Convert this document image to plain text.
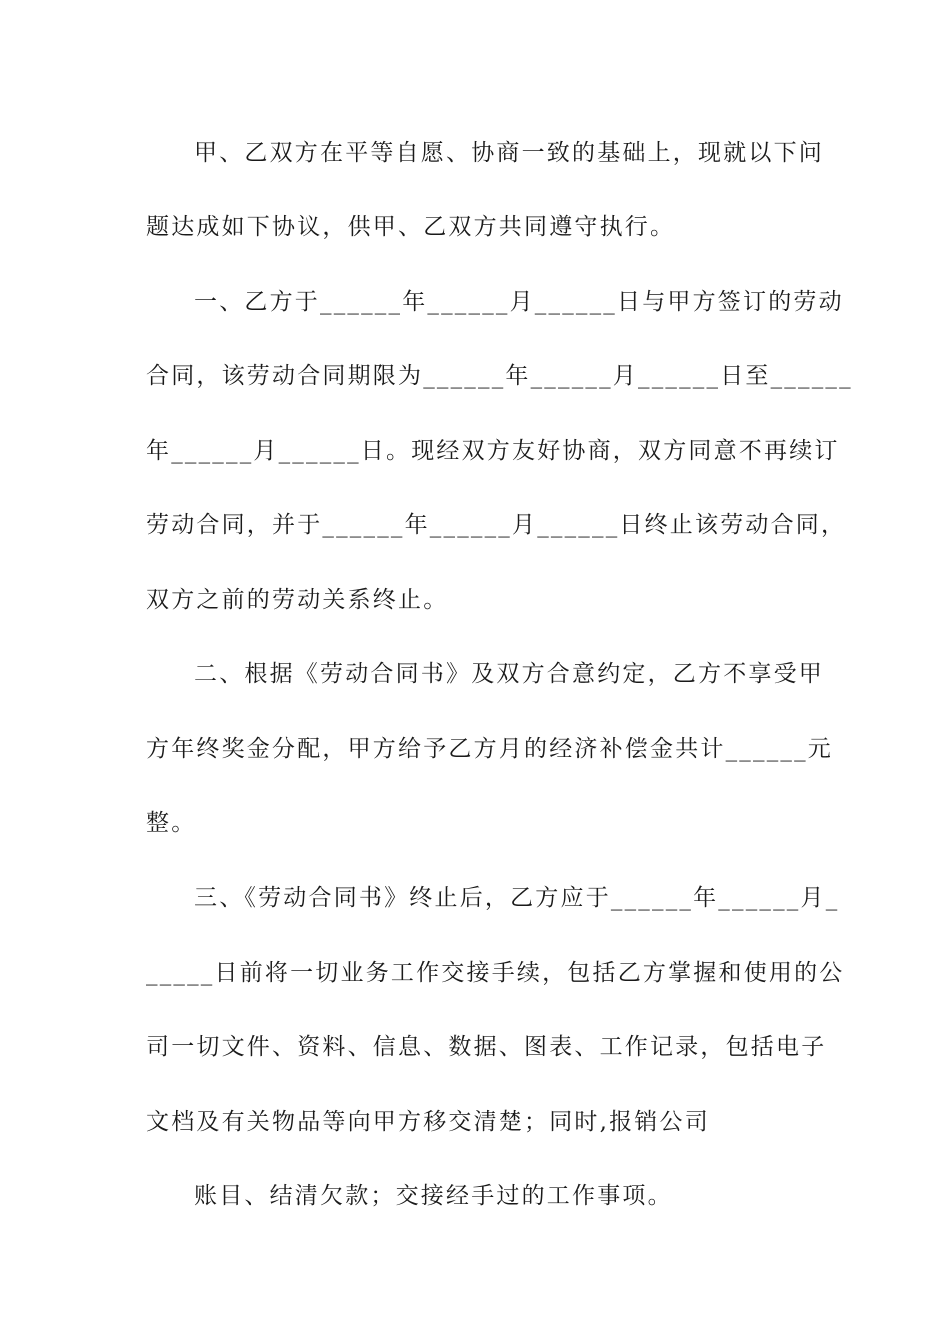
甲、乙双方在平等自愿、协商一致的基础上，现就以下问
题达成如下协议，供甲、乙双方共同遵守执行。
一、乙方于______年______月______日与甲方签订的劳动
合同，该劳动合同期限为______年______月______日至______
年______月______日。现经双方友好协商，双方同意不再续订
劳动合同，并于______年______月______日终止该劳动合同，
双方之前的劳动关系终止。
二、根据《劳动合同书》及双方合意约定，乙方不享受甲
方年终奖金分配，甲方给予乙方月的经济补偿金共计______元
整。
三、《劳动合同书》终止后，乙方应于______年______月_
_____日前将一切业务工作交接手续，包括乙方掌握和使用的公
司一切文件、资料、信息、数据、图表、工作记录，包括电子
文档及有关物品等向甲方移交清楚；同时,报销公司
账目、结清欠款；交接经手过的工作事项。
